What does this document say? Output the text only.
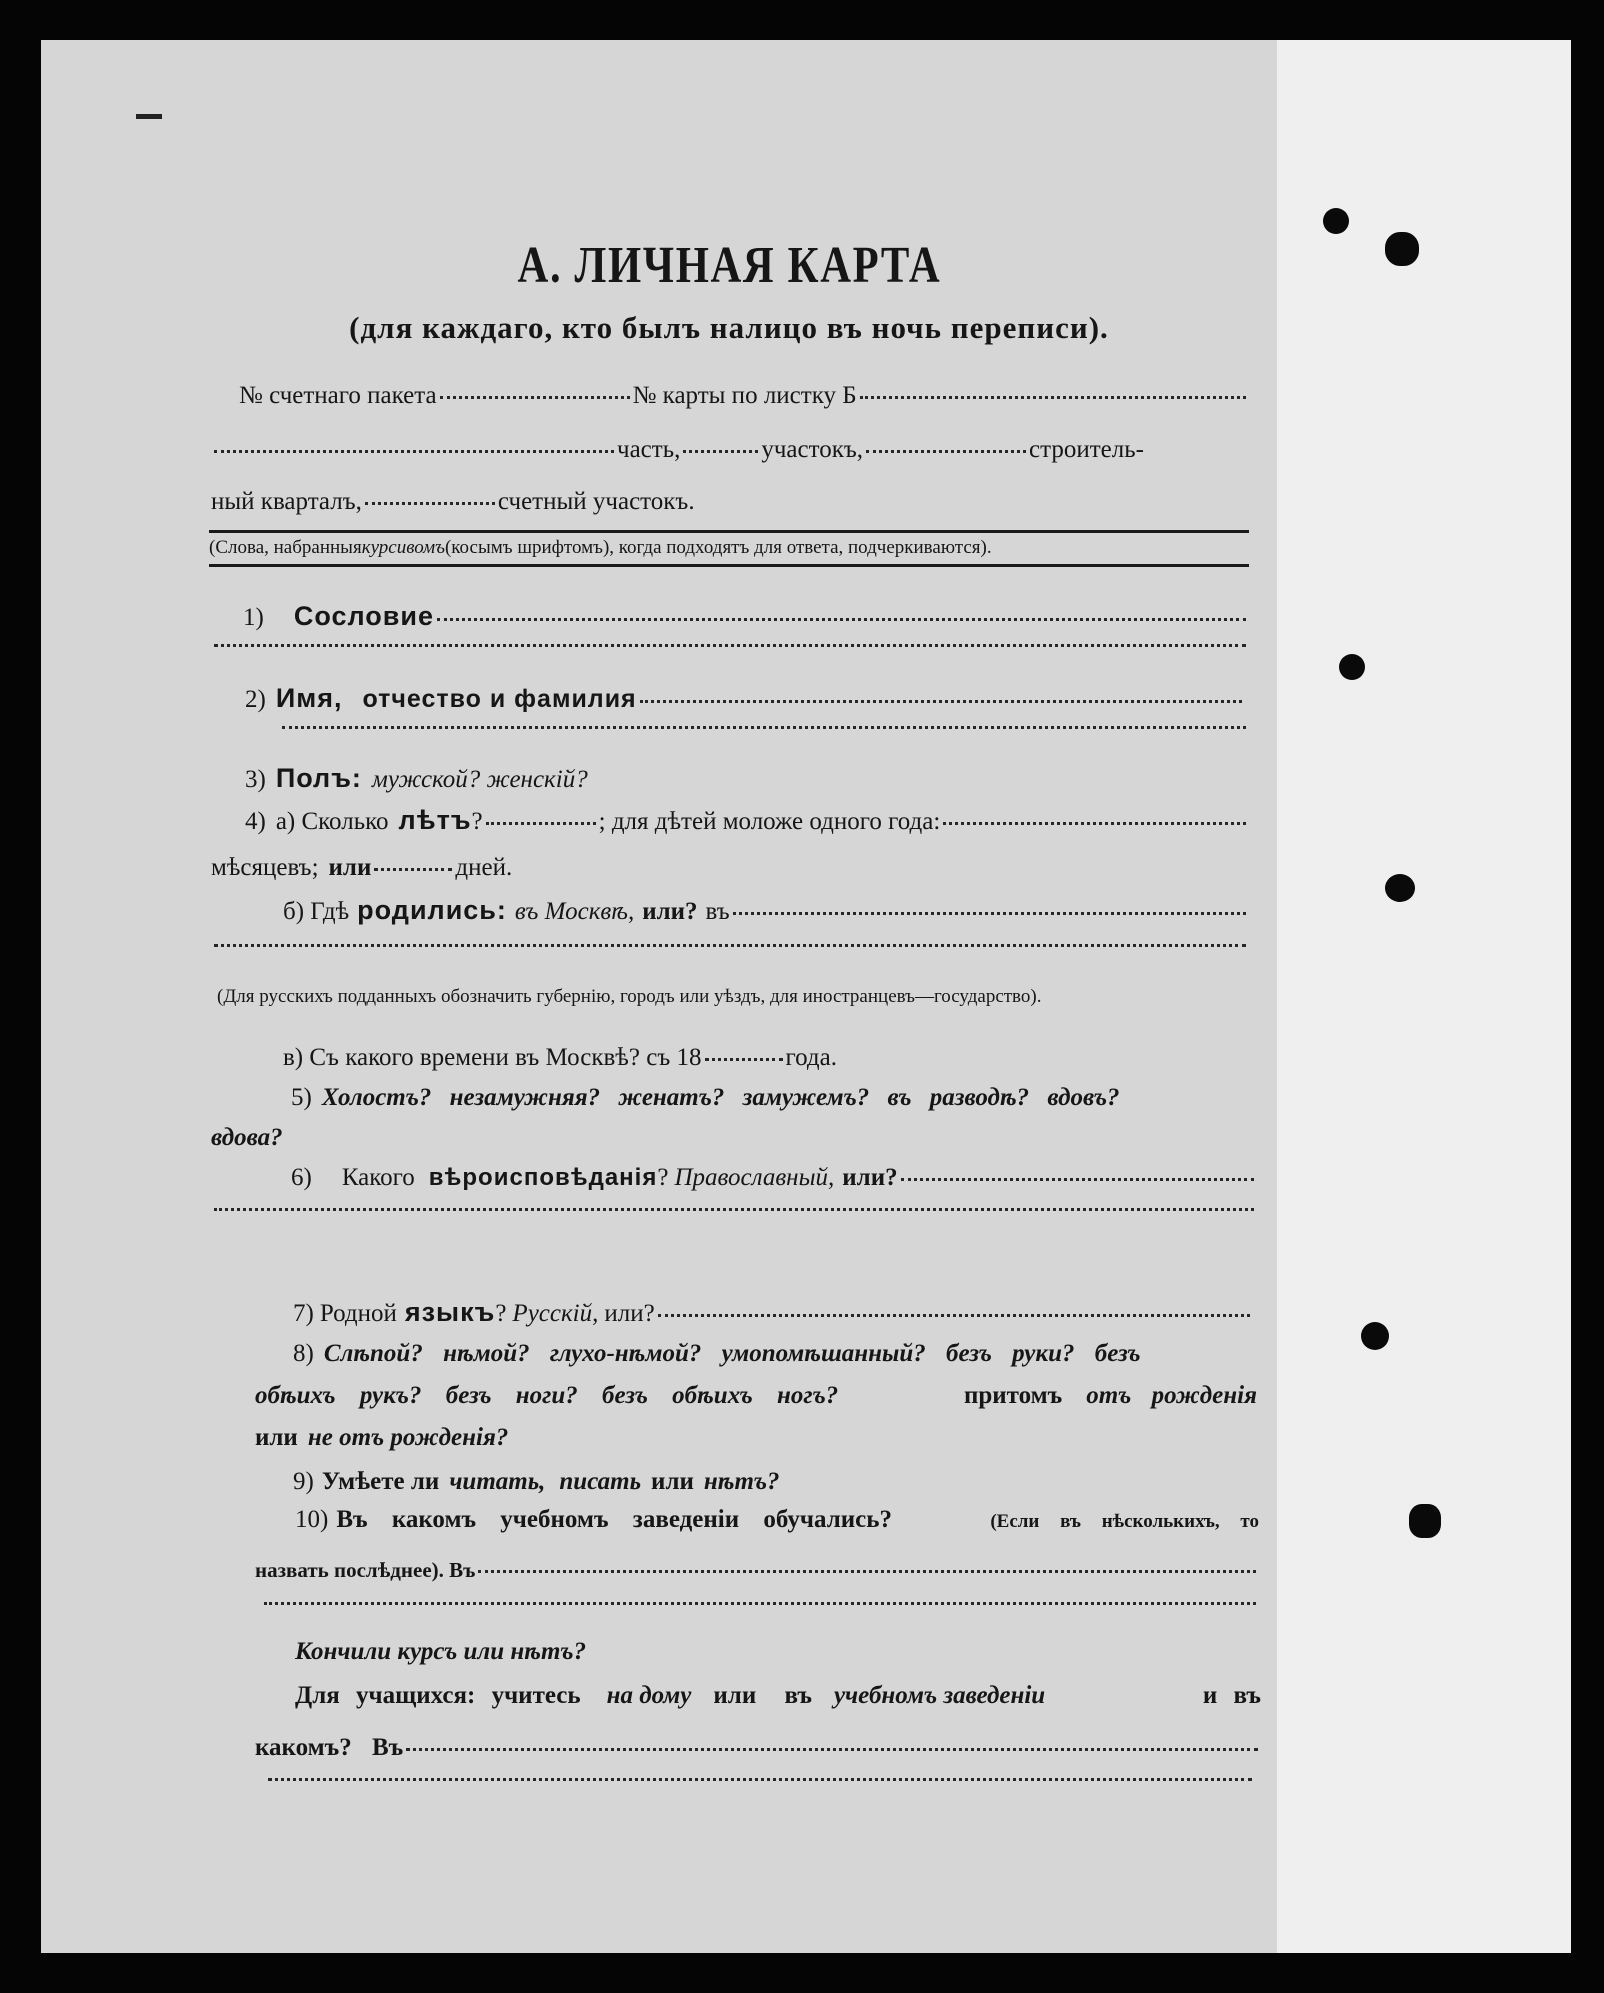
А. ЛИЧНАЯ КАРТА
(для каждаго, кто былъ налицо въ ночь переписи).
№ счетнаго пакета	№ карты по листку Б
часть,	участокъ,	строитель-
ный кварталъ,	счетный участокъ.
(Слова, набранныя курсивомъ (косымъ шрифтомъ), когда подходятъ для ответа, подчеркиваются).
1) Сословие
2) Имя, отчество и фамилия
3) Полъ: мужской? женскій?
4) а) Сколько лѣтъ ?	; для дѣтей моложе одного года:
мѣсяцевъ; или	дней.
б) Гдѣ родились: въ Москвѣ, или? въ
(Для русскихъ подданныхъ обозначить губернію, городъ или уѣздъ, для иностранцевъ—государство).
в) Съ какого времени въ Москвѣ? съ 18	года.
5) Холостъ? незамужняя? женатъ? замужемъ? въ разводѣ? вдовъ?
вдова?
6) Какого вѣроисповѣданія ? Православный, или?
7) Родной языкъ ? Русскій, или?
8) Слѣпой? нѣмой? глухо-нѣмой? умопомѣшанный? безъ руки? безъ
обѣихъ рукъ? безъ ноги? безъ обѣихъ ногъ?	притомъ отъ рожденія
или не отъ рожденія?
9) Умѣете ли читать, писать или нѣтъ?
10) Въ какомъ учебномъ заведеніи обучались?	(Если въ нѣсколькихъ, то
назвать послѣднее). Въ
Кончили курсъ или нѣтъ?
Для учащихся: учитесь на дому или въ учебномъ заведеніи	и въ
какомъ? Въ
